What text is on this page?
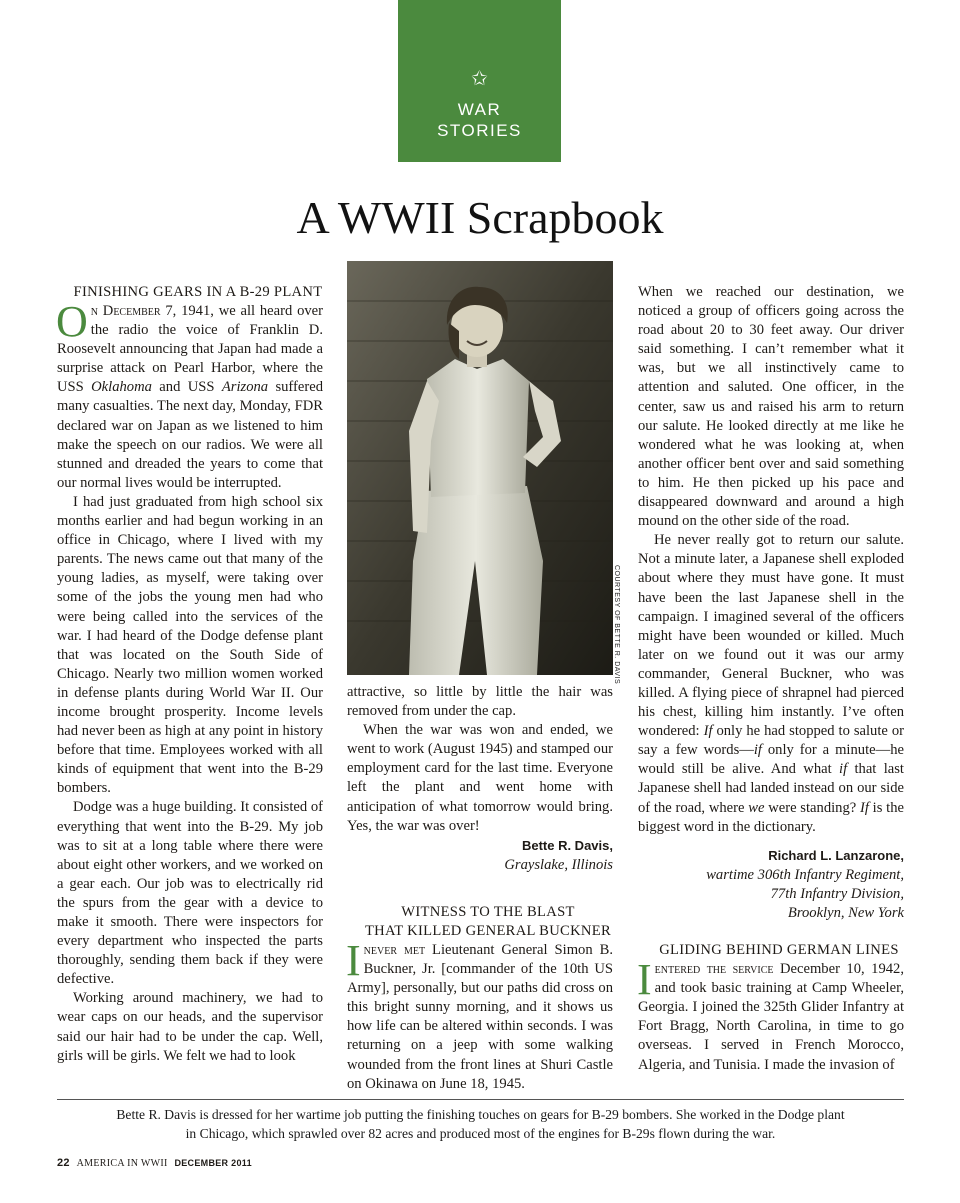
✩
WAR
STORIES
A WWII Scrapbook

FINISHING GEARS IN A B-29 PLANT

On December 7, 1941, we all heard over the radio the voice of Franklin D. Roosevelt announcing that Japan had made a surprise attack on Pearl Harbor, where the USS Oklahoma and USS Arizona suffered many casualties. The next day, Monday, FDR declared war on Japan as we listened to him make the speech on our radios. We were all stunned and dreaded the years to come that our normal lives would be interrupted.

I had just graduated from high school six months earlier and had begun working in an office in Chicago, where I lived with my parents. The news came out that many of the young ladies, as myself, were taking over some of the jobs the young men had who were being called into the services of the war. I had heard of the Dodge defense plant that was located on the South Side of Chicago. Nearly two million women worked in defense plants during World War II. Our income brought prosperity. Income levels had never been as high at any point in history before that time. Employees worked with all kinds of equipment that went into the B-29 bombers.

Dodge was a huge building. It consisted of everything that went into the B-29. My job was to sit at a long table where there were about eight other workers, and we worked on a gear each. Our job was to electrically rid the spurs from the gear with a device to make it smooth. There were inspectors for every department who inspected the parts thoroughly, sending them back if they were defective.

Working around machinery, we had to wear caps on our heads, and the supervisor said our hair had to be under the cap. Well, girls will be girls. We felt we had to look

COURTESY OF BETTE R. DAVIS

attractive, so little by little the hair was removed from under the cap.

When the war was won and ended, we went to work (August 1945) and stamped our employment card for the last time. Everyone left the plant and went home with anticipation of what tomorrow would bring. Yes, the war was over!

Bette R. Davis,

Grayslake, Illinois

WITNESS TO THE BLAST

THAT KILLED GENERAL BUCKNER

Inever met Lieutenant General Simon B. Buckner, Jr. [commander of the 10th US Army], personally, but our paths did cross on this bright sunny morning, and it shows us how life can be altered within seconds. I was returning on a jeep with some walking wounded from the front lines at Shuri Castle on Okinawa on June 18, 1945.

When we reached our destination, we noticed a group of officers going across the road about 20 to 30 feet away. Our driver said something. I can’t remember what it was, but we all instinctively came to attention and saluted. One officer, in the center, saw us and raised his arm to return our salute. He looked directly at me like he wondered what he was looking at, when another officer bent over and said something to him. He then picked up his pace and disappeared downward and around a high mound on the other side of the road.

He never really got to return our salute. Not a minute later, a Japanese shell exploded about where they must have gone. It must have been the last Japanese shell in the campaign. I imagined several of the officers might have been wounded or killed. Much later on we found out it was our army commander, General Buckner, who was killed. A flying piece of shrapnel had pierced his chest, killing him instantly. I’ve often wondered: If only he had stopped to salute or say a few words—if only for a minute—he would still be alive. And what if that last Japanese shell had landed instead on our side of the road, where we were standing? If is the biggest word in the dictionary.

Richard L. Lanzarone,

wartime 306th Infantry Regiment,

77th Infantry Division,

Brooklyn, New York

GLIDING BEHIND GERMAN LINES

Ientered the service December 10, 1942, and took basic training at Camp Wheeler, Georgia. I joined the 325th Glider Infantry at Fort Bragg, North Carolina, in time to go overseas. I served in French Morocco, Algeria, and Tunisia. I made the invasion of

Bette R. Davis is dressed for her wartime job putting the finishing touches on gears for B-29 bombers. She worked in the Dodge plant
in Chicago, which sprawled over 82 acres and produced most of the engines for B-29s flown during the war.
22 AMERICA IN WWII DECEMBER 2011
